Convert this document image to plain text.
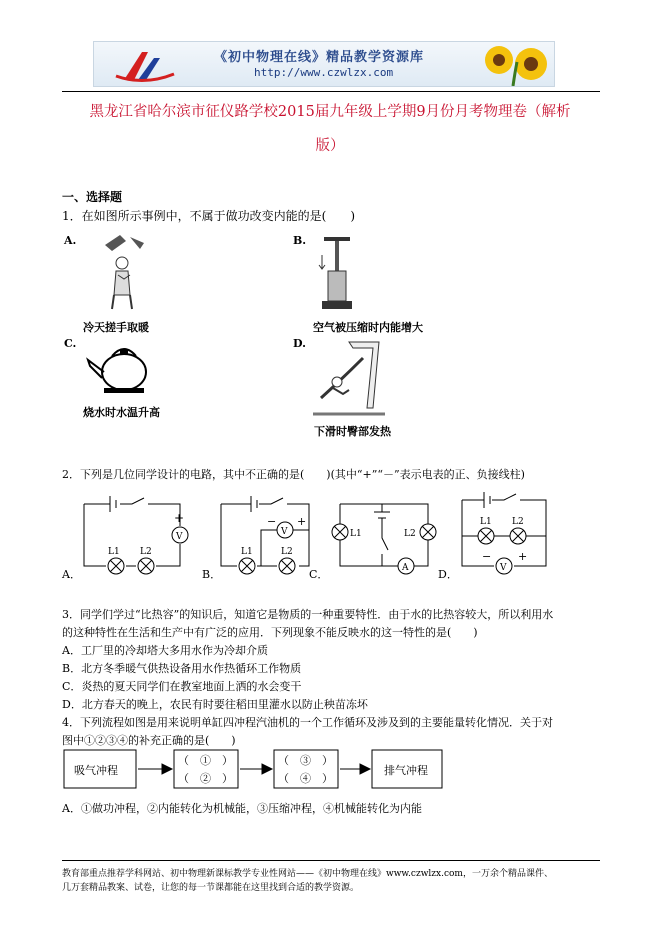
《初中物理在线》精品教学资源库
http://www.czwlzx.com
黑龙江省哈尔滨市征仪路学校2015届九年级上学期9月份月考物理卷（解析
版）
一、选择题
1．在如图所示事例中，不属于做功改变内能的是(　　)
A.
冷天搓手取暖
B.
空气被压缩时内能增大
C.
烧水时水温升高
D.
下滑时臀部发热
2．下列是几位同学设计的电路，其中不正确的是(　　)(其中“+”“－”表示电表的正、负接线柱)
V
+
L1 L2
A．
V
− +
L1	L2
B．
L1	L2
A
C．
L1 L2
V
− +
D．
3．同学们学过“比热容”的知识后，知道它是物质的一种重要特性．由于水的比热容较大，所以利用水
的这种特性在生活和生产中有广泛的应用．下列现象不能反映水的这一特性的是(　　)
A．工厂里的冷却塔大多用水作为冷却介质
B．北方冬季暖气供热设备用水作热循环工作物质
C．炎热的夏天同学们在教室地面上洒的水会变干
D．北方春天的晚上，农民有时要往稻田里灌水以防止秧苗冻坏
4．下列流程如图是用来说明单缸四冲程汽油机的一个工作循环及涉及到的主要能量转化情况．关于对
图中①②③④的补充正确的是(　　)
吸气冲程
（　①　）
（　②　）
（　③　）
（　④　）
排气冲程
A．①做功冲程，②内能转化为机械能，③压缩冲程，④机械能转化为内能
教育部重点推荐学科网站、初中物理新课标教学专业性网站——《初中物理在线》www.czwlzx.com，一万余个精品课件、
几万套精品教案、试卷，让您的每一节课都能在这里找到合适的教学资源。
